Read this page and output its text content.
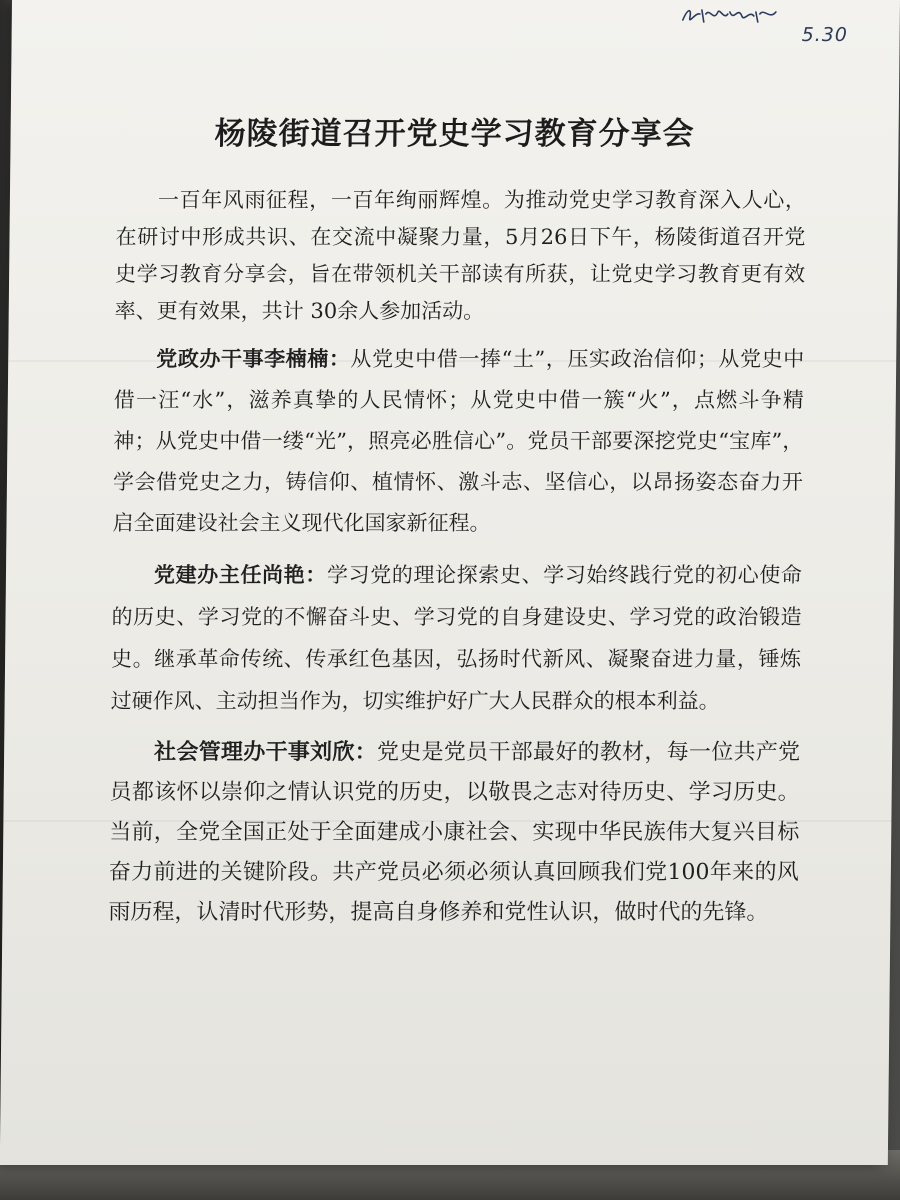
5.30
杨陵街道召开党史学习教育分享会

一百年风雨征程，一百年绚丽辉煌。为推动党史学习教育深入人心，在研讨中形成共识、在交流中凝聚力量，5月26日下午，杨陵街道召开党史学习教育分享会，旨在带领机关干部读有所获，让党史学习教育更有效率、更有效果，共计 30余人参加活动。

党政办干事李楠楠：从党史中借一捧“土”，压实政治信仰；从党史中借一汪“水”，滋养真挚的人民情怀；从党史中借一簇“火”，点燃斗争精神；从党史中借一缕“光”，照亮必胜信心”。党员干部要深挖党史“宝库”，学会借党史之力，铸信仰、植情怀、激斗志、坚信心，以昂扬姿态奋力开启全面建设社会主义现代化国家新征程。

党建办主任尚艳：学习党的理论探索史、学习始终践行党的初心使命的历史、学习党的不懈奋斗史、学习党的自身建设史、学习党的政治锻造史。继承革命传统、传承红色基因，弘扬时代新风、凝聚奋进力量，锤炼过硬作风、主动担当作为，切实维护好广大人民群众的根本利益。

社会管理办干事刘欣：党史是党员干部最好的教材，每一位共产党员都该怀以崇仰之情认识党的历史，以敬畏之志对待历史、学习历史。当前，全党全国正处于全面建成小康社会、实现中华民族伟大复兴目标奋力前进的关键阶段。共产党员必须必须认真回顾我们党100年来的风雨历程，认清时代形势，提高自身修养和党性认识，做时代的先锋。
